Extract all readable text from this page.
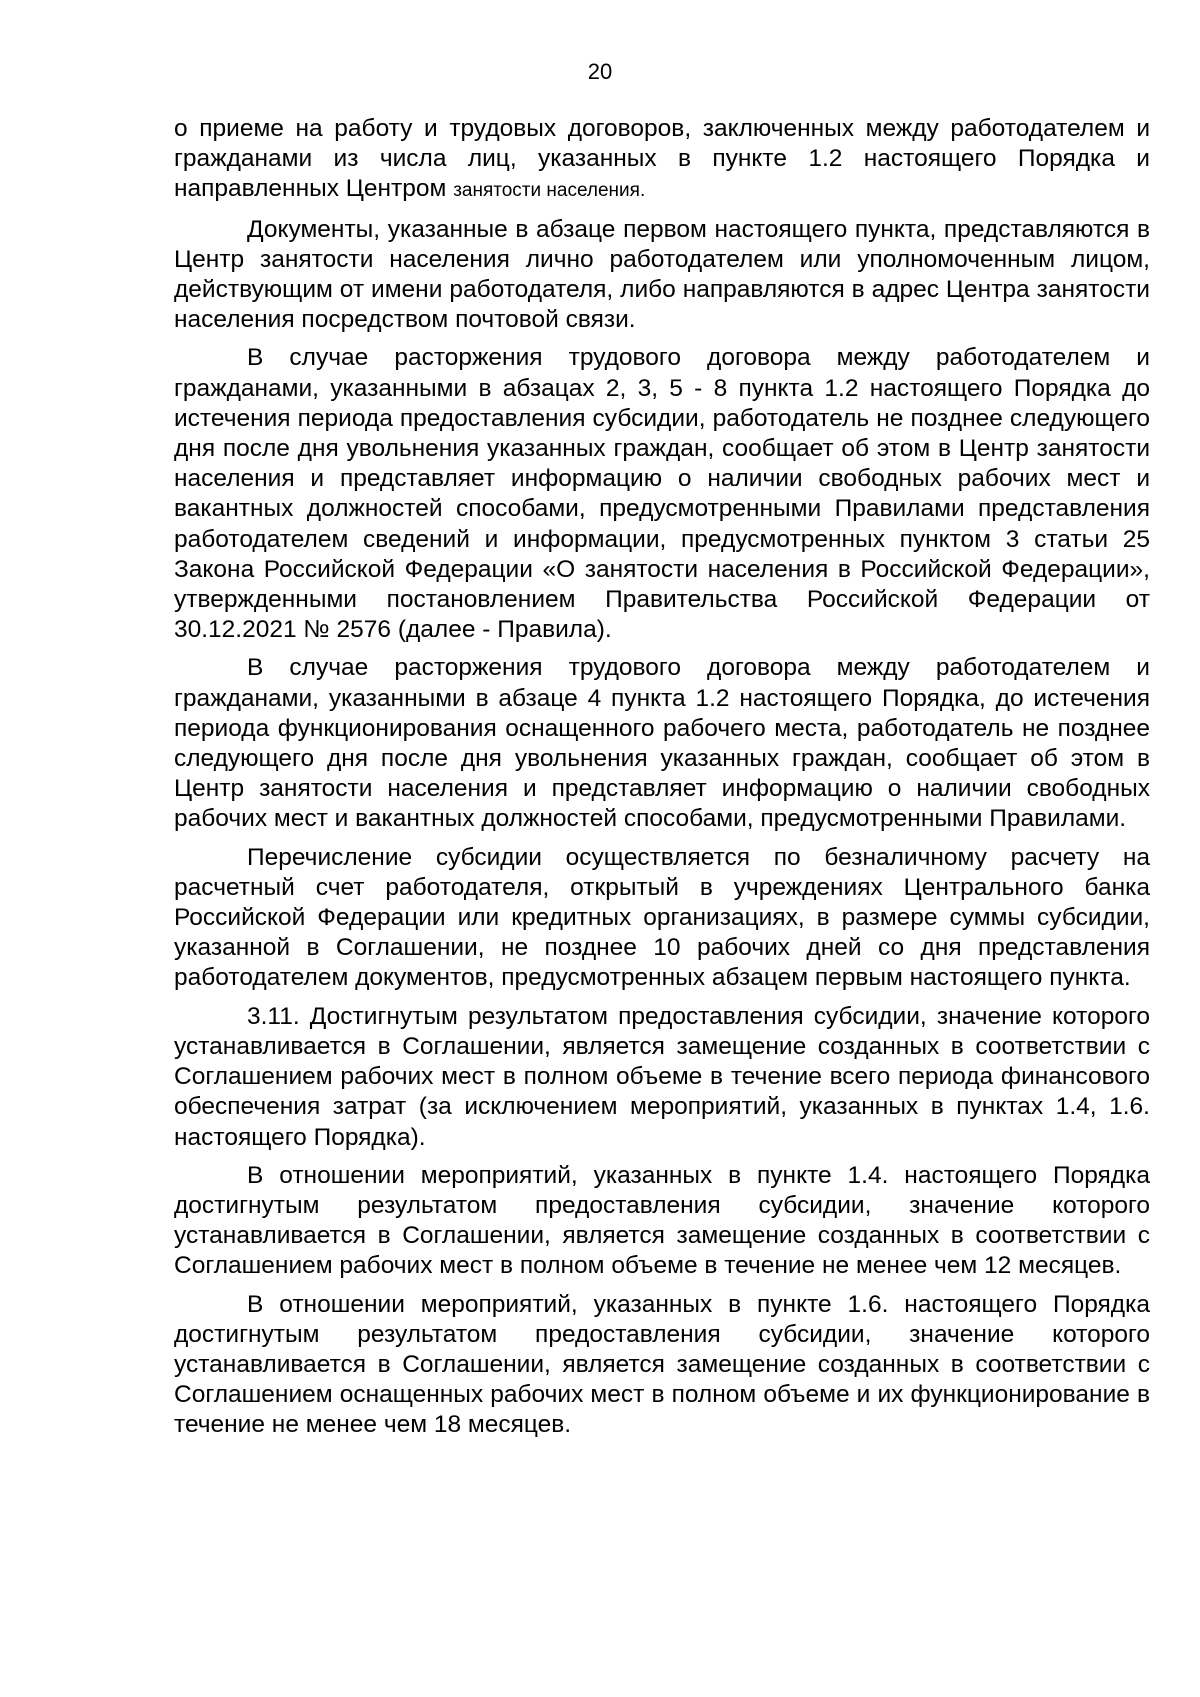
20

о приеме на работу и трудовых договоров, заключенных между работодателем и гражданами из числа лиц, указанных в пункте 1.2 настоящего Порядка и направленных Центром занятости населения.

Документы, указанные в абзаце первом настоящего пункта, представляются в Центр занятости населения лично работодателем или уполномоченным лицом, действующим от имени работодателя, либо направляются в адрес Центра занятости населения посредством почтовой связи.

В случае расторжения трудового договора между работодателем и гражданами, указанными в абзацах 2, 3, 5 - 8 пункта 1.2 настоящего Порядка до истечения периода предоставления субсидии, работодатель не позднее следующего дня после дня увольнения указанных граждан, сообщает об этом в Центр занятости населения и представляет информацию о наличии свободных рабочих мест и вакантных должностей способами, предусмотренными Правилами представления работодателем сведений и информации, предусмотренных пунктом 3 статьи 25 Закона Российской Федерации «О занятости населения в Российской Федерации», утвержденными постановлением Правительства Российской Федерации от 30.12.2021 № 2576 (далее - Правила).

В случае расторжения трудового договора между работодателем и гражданами, указанными в абзаце 4 пункта 1.2 настоящего Порядка, до истечения периода функционирования оснащенного рабочего места, работодатель не позднее следующего дня после дня увольнения указанных граждан, сообщает об этом в Центр занятости населения и представляет информацию о наличии свободных рабочих мест и вакантных должностей способами, предусмотренными Правилами.

Перечисление субсидии осуществляется по безналичному расчету на расчетный счет работодателя, открытый в учреждениях Центрального банка Российской Федерации или кредитных организациях, в размере суммы субсидии, указанной в Соглашении, не позднее 10 рабочих дней со дня представления работодателем документов, предусмотренных абзацем первым настоящего пункта.

3.11. Достигнутым результатом предоставления субсидии, значение которого устанавливается в Соглашении, является замещение созданных в соответствии с Соглашением рабочих мест в полном объеме в течение всего периода финансового обеспечения затрат (за исключением мероприятий, указанных в пунктах 1.4, 1.6. настоящего Порядка).

В отношении мероприятий, указанных в пункте 1.4. настоящего Порядка достигнутым результатом предоставления субсидии, значение которого устанавливается в Соглашении, является замещение созданных в соответствии с Соглашением рабочих мест в полном объеме в течение не менее чем 12 месяцев.

В отношении мероприятий, указанных в пункте 1.6. настоящего Порядка достигнутым результатом предоставления субсидии, значение которого устанавливается в Соглашении, является замещение созданных в соответствии с Соглашением оснащенных рабочих мест в полном объеме и их функционирование в течение не менее чем 18 месяцев.
